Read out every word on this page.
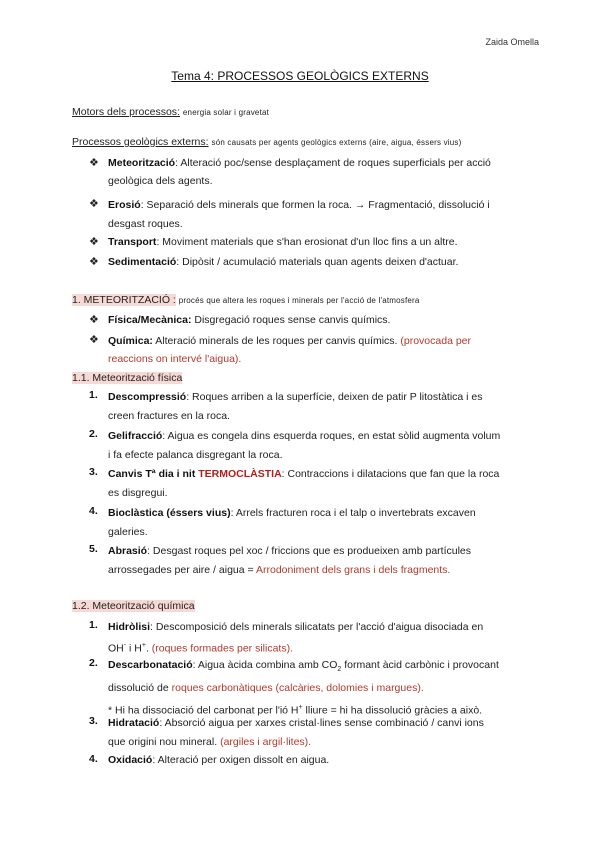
Zaida Omella
Tema 4: PROCESSOS GEOLÒGICS EXTERNS
Motors dels processos: energia solar i gravetat
Processos geològics externs: són causats per agents geològics externs (aire, aigua, éssers vius)
❖ Meteorització: Alteració poc/sense desplaçament de roques superficials per acció
geològica dels agents.
❖ Erosió: Separació dels minerals que formen la roca. → Fragmentació, dissolució i
desgast roques.
❖ Transport: Moviment materials que s'han erosionat d'un lloc fins a un altre.
❖ Sedimentació: Dipòsit / acumulació materials quan agents deixen d'actuar.
1. METEORITZACIÓ : procés que altera les roques i minerals per l'acció de l'atmosfera
❖ Física/Mecànica: Disgregació roques sense canvis químics.
❖ Química: Alteració minerals de les roques per canvis químics. (provocada per
reaccions on intervé l'aigua).
1.1. Meteorització física
1. Descompressió: Roques arriben a la superfície, deixen de patir P litostàtica i es
creen fractures en la roca.
2. Gelifracció: Aigua es congela dins esquerda roques, en estat sòlid augmenta volum
i fa efecte palanca disgregant la roca.
3. Canvis Tª dia i nit TERMOCLÀSTIA: Contraccions i dilatacions que fan que la roca
es disgregui.
4. Bioclàstica (éssers vius): Arrels fracturen roca i el talp o invertebrats excaven
galeries.
5. Abrasió: Desgast roques pel xoc / friccions que es produeixen amb partícules
arrossegades per aire / aigua = Arrodoniment dels grans i dels fragments.
1.2. Meteorització química
1. Hidròlisi: Descomposició dels minerals silicatats per l'acció d'aigua disociada en
OH- i H+. (roques formades per silicats).
2. Descarbonatació: Aigua àcida combina amb $CO_2$ formant àcid carbònic i provocant
dissolució de roques carbonàtiques (calcàries, dolomies i margues).
* Hi ha dissociació del carbonat per l'ió H+ lliure = hi ha dissolució gràcies a això.
3. Hidratació: Absorció aigua per xarxes cristal·lines sense combinació / canvi ions
que origini nou mineral. (argiles i argil·lites).
4. Oxidació: Alteració per oxigen dissolt en aigua.
